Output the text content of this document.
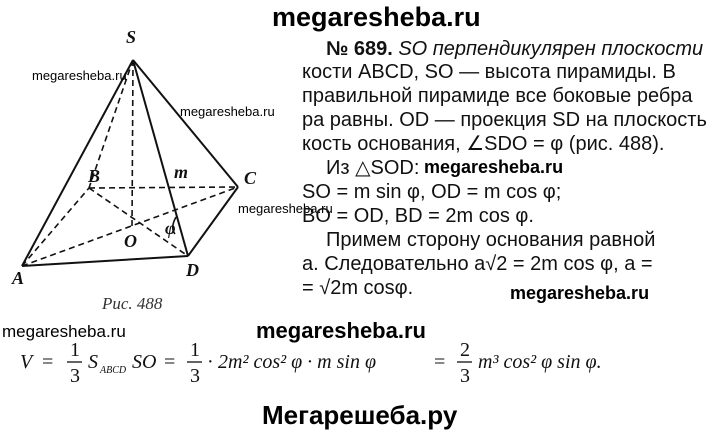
megaresheba.ru
S
A
B	C
D
O
m
φ
megaresheba.ru
megaresheba.ru
megaresheba.ru
Рис. 488
№ 689. SO перпендикулярен плоскости
кости ABCD, SO — высота пирамиды. В
правильной пирамиде все боковые ребра
ра равны. OD — проекция SD на плоскость
кость основания, ∠SDO = φ (рис. 488).
Из △SOD: megaresheba.ru
SO = m sin φ, OD = m cos φ;
BO = OD, BD = 2m cos φ.
Примем сторону основания равной
a. Следовательно a√2 = 2m cos φ, a =
= √2m cosφ.	megaresheba.ru
megaresheba.ru	megaresheba.ru
V =
1
3
S ABCD SO =
1
3
· 2m² cos² φ · m sin φ	=
2
3
m³ cos² φ sin φ.
Мегарешеба.ру
